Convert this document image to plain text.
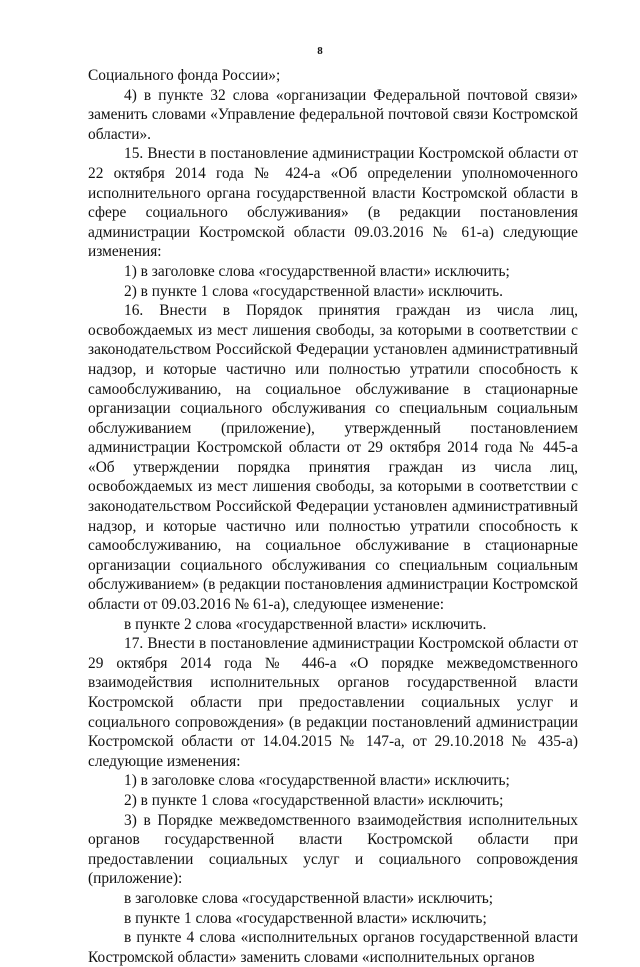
8

Социального фонда России»;

4) в пункте 32 слова «организации Федеральной почтовой связи» заменить словами «Управление федеральной почтовой связи Костромской области».

15. Внести в постановление администрации Костромской области от 22 октября 2014 года № 424-а «Об определении уполномоченного исполнительного органа государственной власти Костромской области в сфере социального обслуживания» (в редакции постановления администрации Костромской области 09.03.2016 № 61-а) следующие изменения:

1) в заголовке слова «государственной власти» исключить;

2) в пункте 1 слова «государственной власти» исключить.

16. Внести в Порядок принятия граждан из числа лиц, освобождаемых из мест лишения свободы, за которыми в соответствии с законодательством Российской Федерации установлен административный надзор, и которые частично или полностью утратили способность к самообслуживанию, на социальное обслуживание в стационарные организации социального обслуживания со специальным социальным обслуживанием (приложение), утвержденный постановлением администрации Костромской области от 29 октября 2014 года № 445-а «Об утверждении порядка принятия граждан из числа лиц, освобождаемых из мест лишения свободы, за которыми в соответствии с законодательством Российской Федерации установлен административный надзор, и которые частично или полностью утратили способность к самообслуживанию, на социальное обслуживание в стационарные организации социального обслуживания со специальным социальным обслуживанием» (в редакции постановления администрации Костромской области от 09.03.2016 № 61-а), следующее изменение:

в пункте 2 слова «государственной власти» исключить.

17. Внести в постановление администрации Костромской области от 29 октября 2014 года № 446-а «О порядке межведомственного взаимодействия исполнительных органов государственной власти Костромской области при предоставлении социальных услуг и социального сопровождения» (в редакции постановлений администрации Костромской области от 14.04.2015 № 147-а, от 29.10.2018 № 435-а) следующие изменения:

1) в заголовке слова «государственной власти» исключить;

2) в пункте 1 слова «государственной власти» исключить;

3) в Порядке межведомственного взаимодействия исполнительных органов государственной власти Костромской области при предоставлении социальных услуг и социального сопровождения (приложение):

в заголовке слова «государственной власти» исключить;

в пункте 1 слова «государственной власти» исключить;

в пункте 4 слова «исполнительных органов государственной власти Костромской области» заменить словами «исполнительных органов
